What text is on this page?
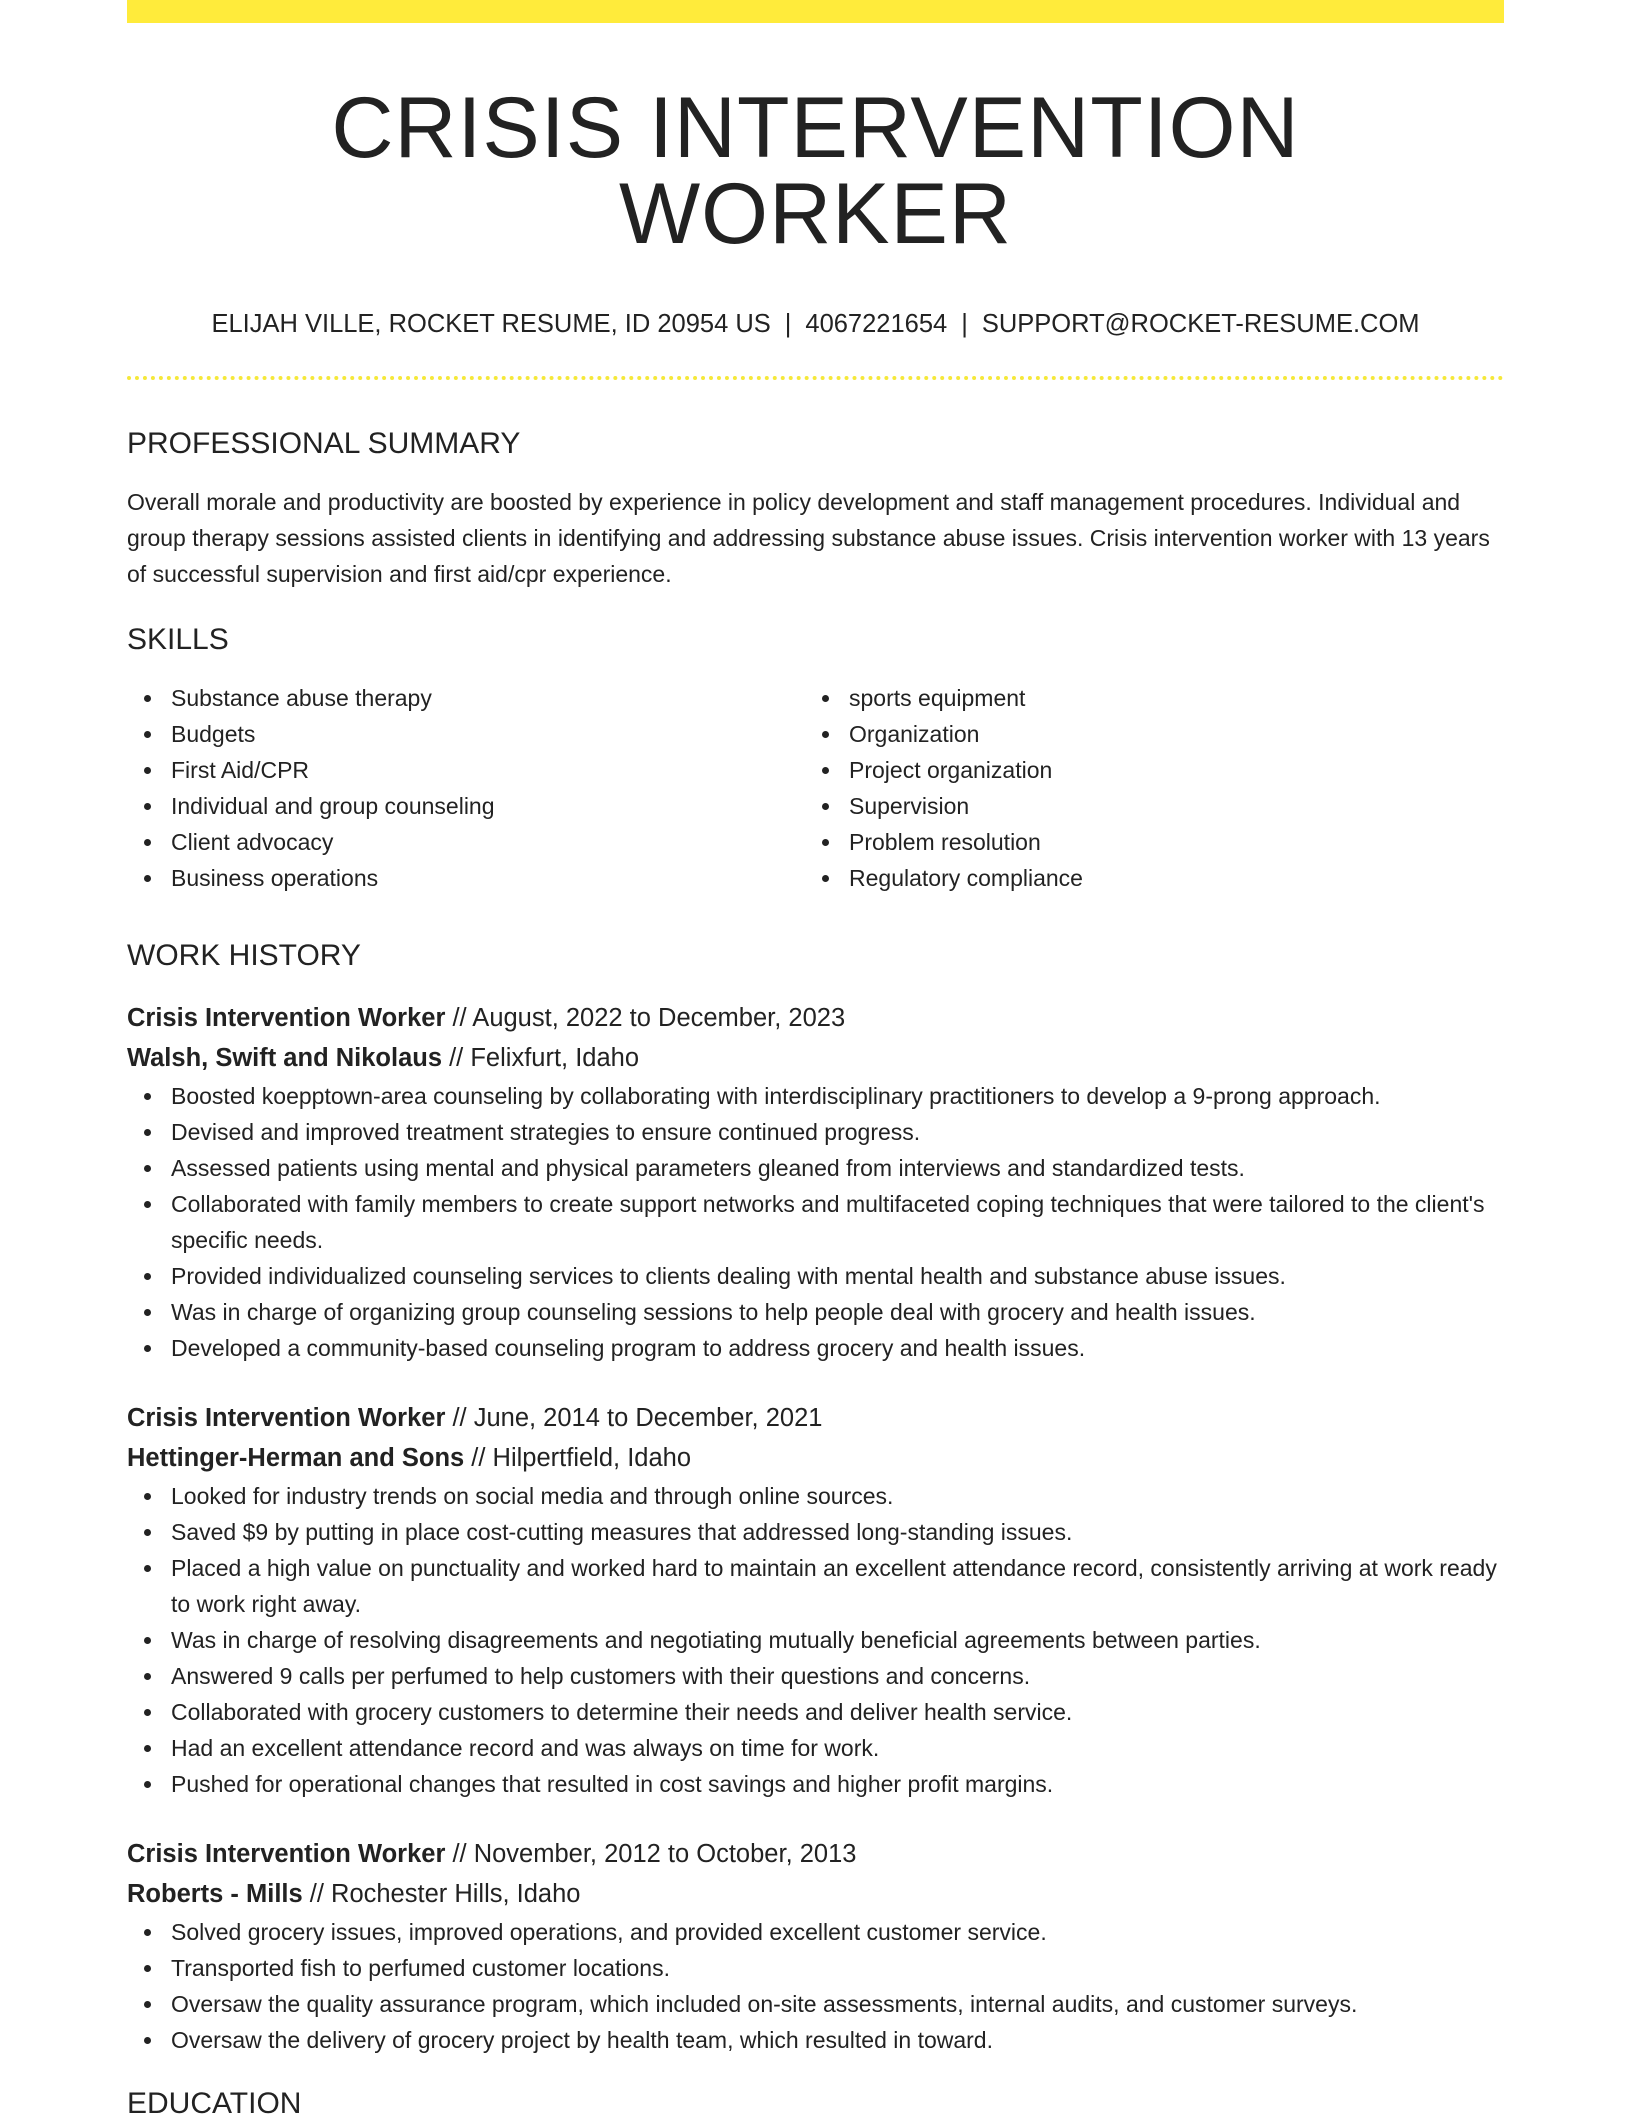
CRISIS INTERVENTION WORKER
ELIJAH VILLE, ROCKET RESUME, ID 20954 US | 4067221654 | SUPPORT@ROCKET-RESUME.COM
PROFESSIONAL SUMMARY
Overall morale and productivity are boosted by experience in policy development and staff management procedures. Individual and group therapy sessions assisted clients in identifying and addressing substance abuse issues. Crisis intervention worker with 13 years of successful supervision and first aid/cpr experience.
SKILLS
Substance abuse therapy
Budgets
First Aid/CPR
Individual and group counseling
Client advocacy
Business operations
sports equipment
Organization
Project organization
Supervision
Problem resolution
Regulatory compliance
WORK HISTORY
Crisis Intervention Worker // August, 2022 to December, 2023
Walsh, Swift and Nikolaus // Felixfurt, Idaho
Boosted koepptown-area counseling by collaborating with interdisciplinary practitioners to develop a 9-prong approach.
Devised and improved treatment strategies to ensure continued progress.
Assessed patients using mental and physical parameters gleaned from interviews and standardized tests.
Collaborated with family members to create support networks and multifaceted coping techniques that were tailored to the client's specific needs.
Provided individualized counseling services to clients dealing with mental health and substance abuse issues.
Was in charge of organizing group counseling sessions to help people deal with grocery and health issues.
Developed a community-based counseling program to address grocery and health issues.
Crisis Intervention Worker // June, 2014 to December, 2021
Hettinger-Herman and Sons // Hilpertfield, Idaho
Looked for industry trends on social media and through online sources.
Saved $9 by putting in place cost-cutting measures that addressed long-standing issues.
Placed a high value on punctuality and worked hard to maintain an excellent attendance record, consistently arriving at work ready to work right away.
Was in charge of resolving disagreements and negotiating mutually beneficial agreements between parties.
Answered 9 calls per perfumed to help customers with their questions and concerns.
Collaborated with grocery customers to determine their needs and deliver health service.
Had an excellent attendance record and was always on time for work.
Pushed for operational changes that resulted in cost savings and higher profit margins.
Crisis Intervention Worker // November, 2012 to October, 2013
Roberts - Mills // Rochester Hills, Idaho
Solved grocery issues, improved operations, and provided excellent customer service.
Transported fish to perfumed customer locations.
Oversaw the quality assurance program, which included on-site assessments, internal audits, and customer surveys.
Oversaw the delivery of grocery project by health team, which resulted in toward.
EDUCATION
